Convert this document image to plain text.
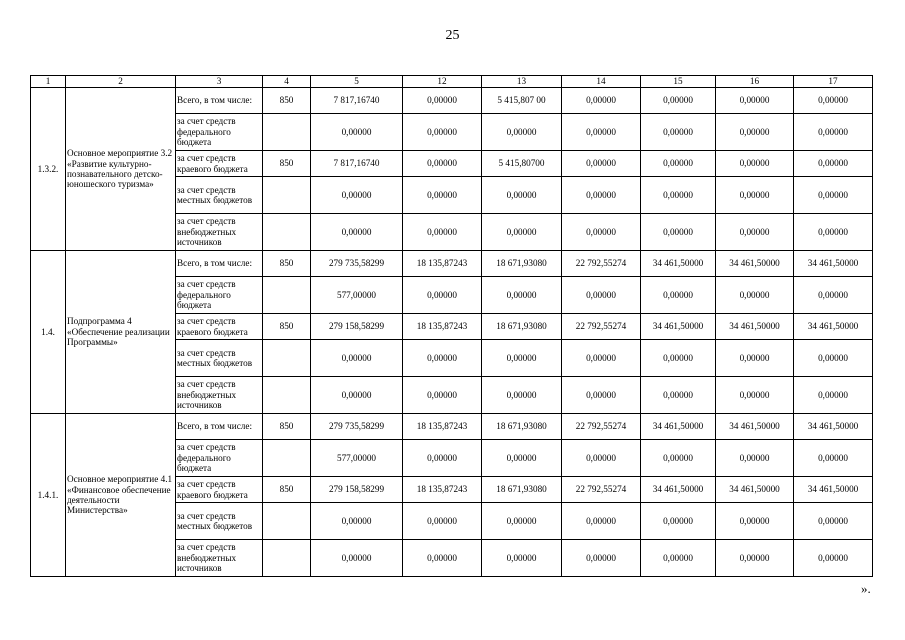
25
1	2	3	4	5	12	13	14	15	16	17
1.3.2.	Основное мероприятие 3.2 «Развитие культурно-познавательного детско-юношеского туризма»	Всего, в том числе:	850	7 817,16740	0,00000	5 415,807 00	0,00000	0,00000	0,00000	0,00000
		за счет средств федерального бюджета		0,00000	0,00000	0,00000	0,00000	0,00000	0,00000	0,00000
		за счет средств краевого бюджета	850	7 817,16740	0,00000	5 415,80700	0,00000	0,00000	0,00000	0,00000
		за счет средств местных бюджетов		0,00000	0,00000	0,00000	0,00000	0,00000	0,00000	0,00000
		за счет средств внебюджетных источников		0,00000	0,00000	0,00000	0,00000	0,00000	0,00000	0,00000
1.4.	Подпрограмма 4 «Обеспечение реализации Программы»	Всего, в том числе:	850	279 735,58299	18 135,87243	18 671,93080	22 792,55274	34 461,50000	34 461,50000	34 461,50000
		за счет средств федерального бюджета		577,00000	0,00000	0,00000	0,00000	0,00000	0,00000	0,00000
		за счет средств краевого бюджета	850	279 158,58299	18 135,87243	18 671,93080	22 792,55274	34 461,50000	34 461,50000	34 461,50000
		за счет средств местных бюджетов		0,00000	0,00000	0,00000	0,00000	0,00000	0,00000	0,00000
		за счет средств внебюджетных источников		0,00000	0,00000	0,00000	0,00000	0,00000	0,00000	0,00000
1.4.1.	Основное мероприятие 4.1 «Финансовое обеспечение деятельности Министерства»	Всего, в том числе:	850	279 735,58299	18 135,87243	18 671,93080	22 792,55274	34 461,50000	34 461,50000	34 461,50000
		за счет средств федерального бюджета		577,00000	0,00000	0,00000	0,00000	0,00000	0,00000	0,00000
		за счет средств краевого бюджета	850	279 158,58299	18 135,87243	18 671,93080	22 792,55274	34 461,50000	34 461,50000	34 461,50000
		за счет средств местных бюджетов		0,00000	0,00000	0,00000	0,00000	0,00000	0,00000	0,00000
		за счет средств внебюджетных источников		0,00000	0,00000	0,00000	0,00000	0,00000	0,00000	0,00000
».
